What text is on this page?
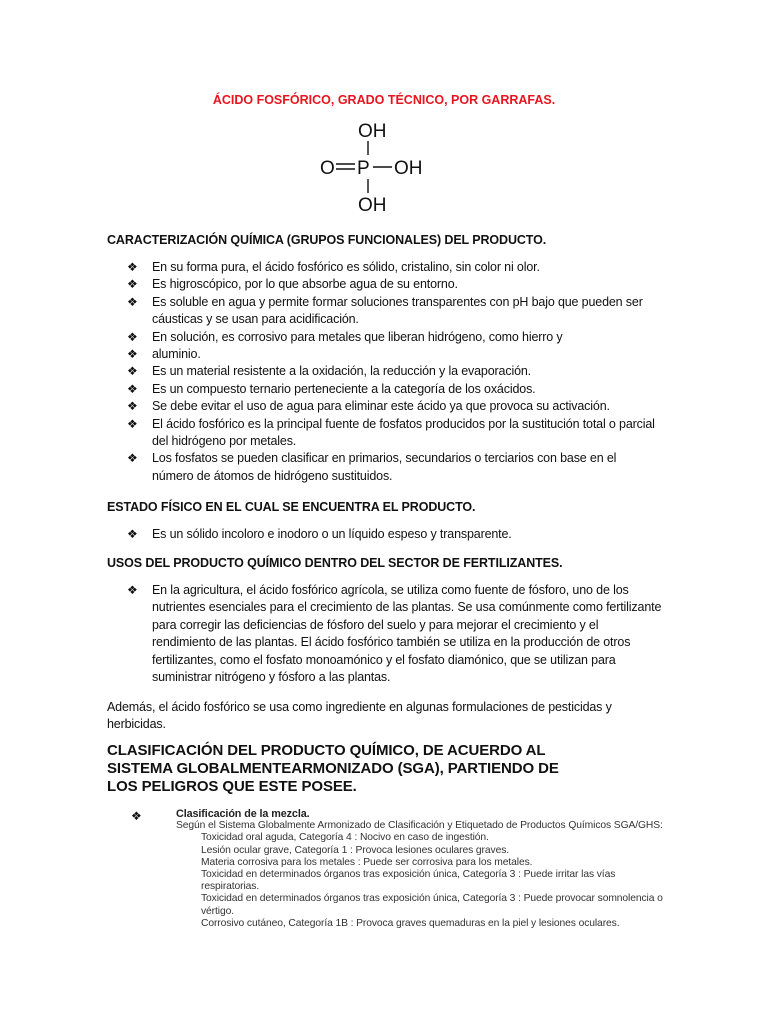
ÁCIDO FOSFÓRICO, GRADO TÉCNICO, POR GARRAFAS.
OH
O P OH
OH
CARACTERIZACIÓN QUÍMICA (GRUPOS FUNCIONALES) DEL PRODUCTO.
❖ En su forma pura, el ácido fosfórico es sólido, cristalino, sin color ni olor.
❖ Es higroscópico, por lo que absorbe agua de su entorno.
❖ Es soluble en agua y permite formar soluciones transparentes con pH bajo que pueden ser cáusticas y se usan para acidificación.
❖ En solución, es corrosivo para metales que liberan hidrógeno, como hierro y
❖ aluminio.
❖ Es un material resistente a la oxidación, la reducción y la evaporación.
❖ Es un compuesto ternario perteneciente a la categoría de los oxácidos.
❖ Se debe evitar el uso de agua para eliminar este ácido ya que provoca su activación.
❖ El ácido fosfórico es la principal fuente de fosfatos producidos por la sustitución total o parcial del hidrógeno por metales.
❖ Los fosfatos se pueden clasificar en primarios, secundarios o terciarios con base en el número de átomos de hidrógeno sustituidos.
ESTADO FÍSICO EN EL CUAL SE ENCUENTRA EL PRODUCTO.
❖ Es un sólido incoloro e inodoro o un líquido espeso y transparente.
USOS DEL PRODUCTO QUÍMICO DENTRO DEL SECTOR DE FERTILIZANTES.
❖ En la agricultura, el ácido fosfórico agrícola, se utiliza como fuente de fósforo, uno de los nutrientes esenciales para el crecimiento de las plantas. Se usa comúnmente como fertilizante para corregir las deficiencias de fósforo del suelo y para mejorar el crecimiento y el rendimiento de las plantas. El ácido fosfórico también se utiliza en la producción de otros fertilizantes, como el fosfato monoamónico y el fosfato diamónico, que se utilizan para suministrar nitrógeno y fósforo a las plantas.

Además, el ácido fosfórico se usa como ingrediente en algunas formulaciones de pesticidas y herbicidas.

CLASIFICACIÓN DEL PRODUCTO QUÍMICO, DE ACUERDO AL SISTEMA GLOBALMENTEARMONIZADO (SGA), PARTIENDO DE LOS PELIGROS QUE ESTE POSEE.
❖	Clasificación de la mezcla.
Según el Sistema Globalmente Armonizado de Clasificación y Etiquetado de Productos Químicos SGA/GHS:
Toxicidad oral aguda, Categoría 4 : Nocivo en caso de ingestión.
Lesión ocular grave, Categoría 1 : Provoca lesiones oculares graves.
Materia corrosiva para los metales : Puede ser corrosiva para los metales.
Toxicidad en determinados órganos tras exposición única, Categoría 3 : Puede irritar las vías respiratorias.
Toxicidad en determinados órganos tras exposición única, Categoría 3 : Puede provocar somnolencia o vértigo.
Corrosivo cutáneo, Categoría 1B : Provoca graves quemaduras en la piel y lesiones oculares.
